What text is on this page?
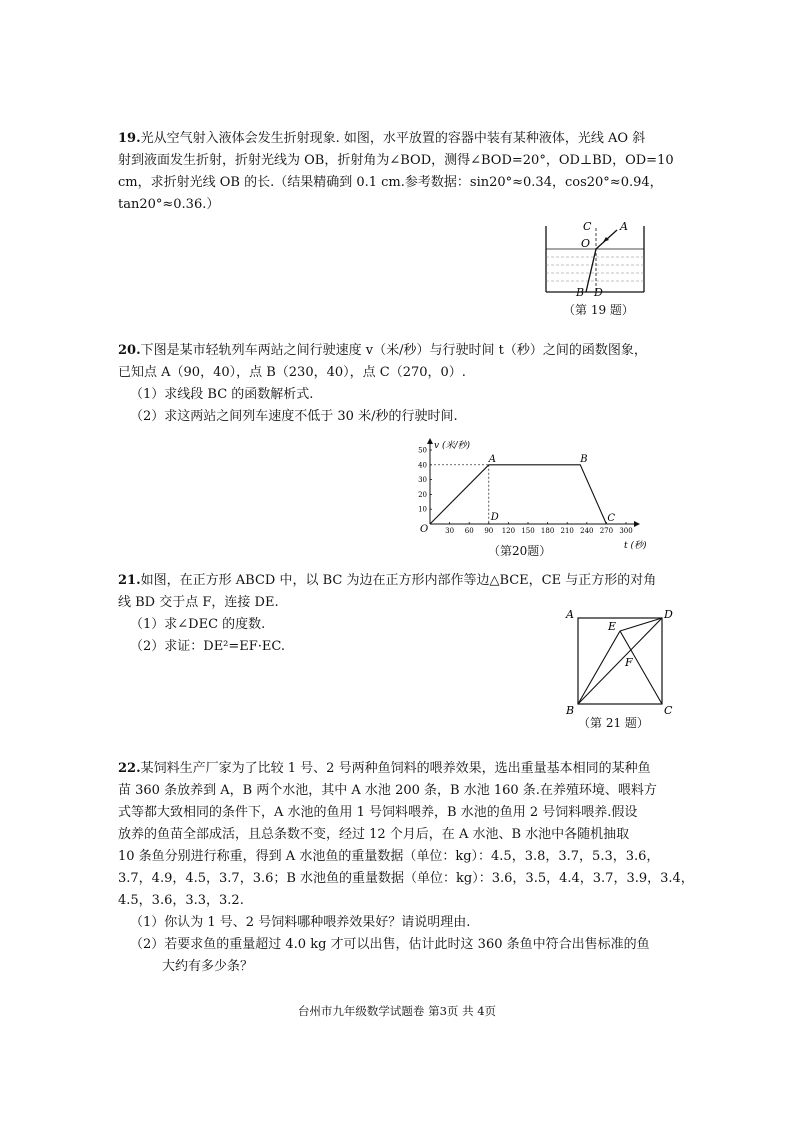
19.光从空气射入液体会发生折射现象. 如图，水平放置的容器中装有某种液体，光线 AO 斜
射到液面发生折射，折射光线为 OB，折射角为∠BOD，测得∠BOD=20°，OD⊥BD，OD=10
cm，求折射光线 OB 的长.（结果精确到 0.1 cm.参考数据：sin20°≈0.34，cos20°≈0.94，
tan20°≈0.36.）
C	A
O
B D
（第 19 题）
20.下图是某市轻轨列车两站之间行驶速度 v（米/秒）与行驶时间 t（秒）之间的函数图象，
已知点 A（90，40），点 B（230，40），点 C（270，0）.
（1）求线段 BC 的函数解析式.
（2）求这两站之间列车速度不低于 30 米/秒的行驶时间.
30 60 90 120 150 180 210 240 270 300
10
20
30
40
50
O
v (米/秒)
t (秒)
A	B
C
D
（第20题）
21.如图，在正方形 ABCD 中，以 BC 为边在正方形内部作等边△BCE，CE 与正方形的对角
线 BD 交于点 F，连接 DE.
（1）求∠DEC 的度数.
（2）求证：DE²=EF·EC.
A	D
E
F
B	C
（第 21 题）
22.某饲料生产厂家为了比较 1 号、2 号两种鱼饲料的喂养效果，选出重量基本相同的某种鱼
苗 360 条放养到 A，B 两个水池，其中 A 水池 200 条，B 水池 160 条.在养殖环境、喂料方
式等都大致相同的条件下，A 水池的鱼用 1 号饲料喂养，B 水池的鱼用 2 号饲料喂养.假设
放养的鱼苗全部成活，且总条数不变，经过 12 个月后，在 A 水池、B 水池中各随机抽取
10 条鱼分别进行称重，得到 A 水池鱼的重量数据（单位：kg）：4.5，3.8，3.7，5.3，3.6，
3.7，4.9，4.5，3.7，3.6；B 水池鱼的重量数据（单位：kg）：3.6，3.5，4.4，3.7，3.9，3.4，
4.5，3.6，3.3，3.2.
（1）你认为 1 号、2 号饲料哪种喂养效果好？请说明理由.
（2）若要求鱼的重量超过 4.0 kg 才可以出售，估计此时这 360 条鱼中符合出售标准的鱼
大约有多少条？
台州市九年级数学试题卷 第3页 共 4页
